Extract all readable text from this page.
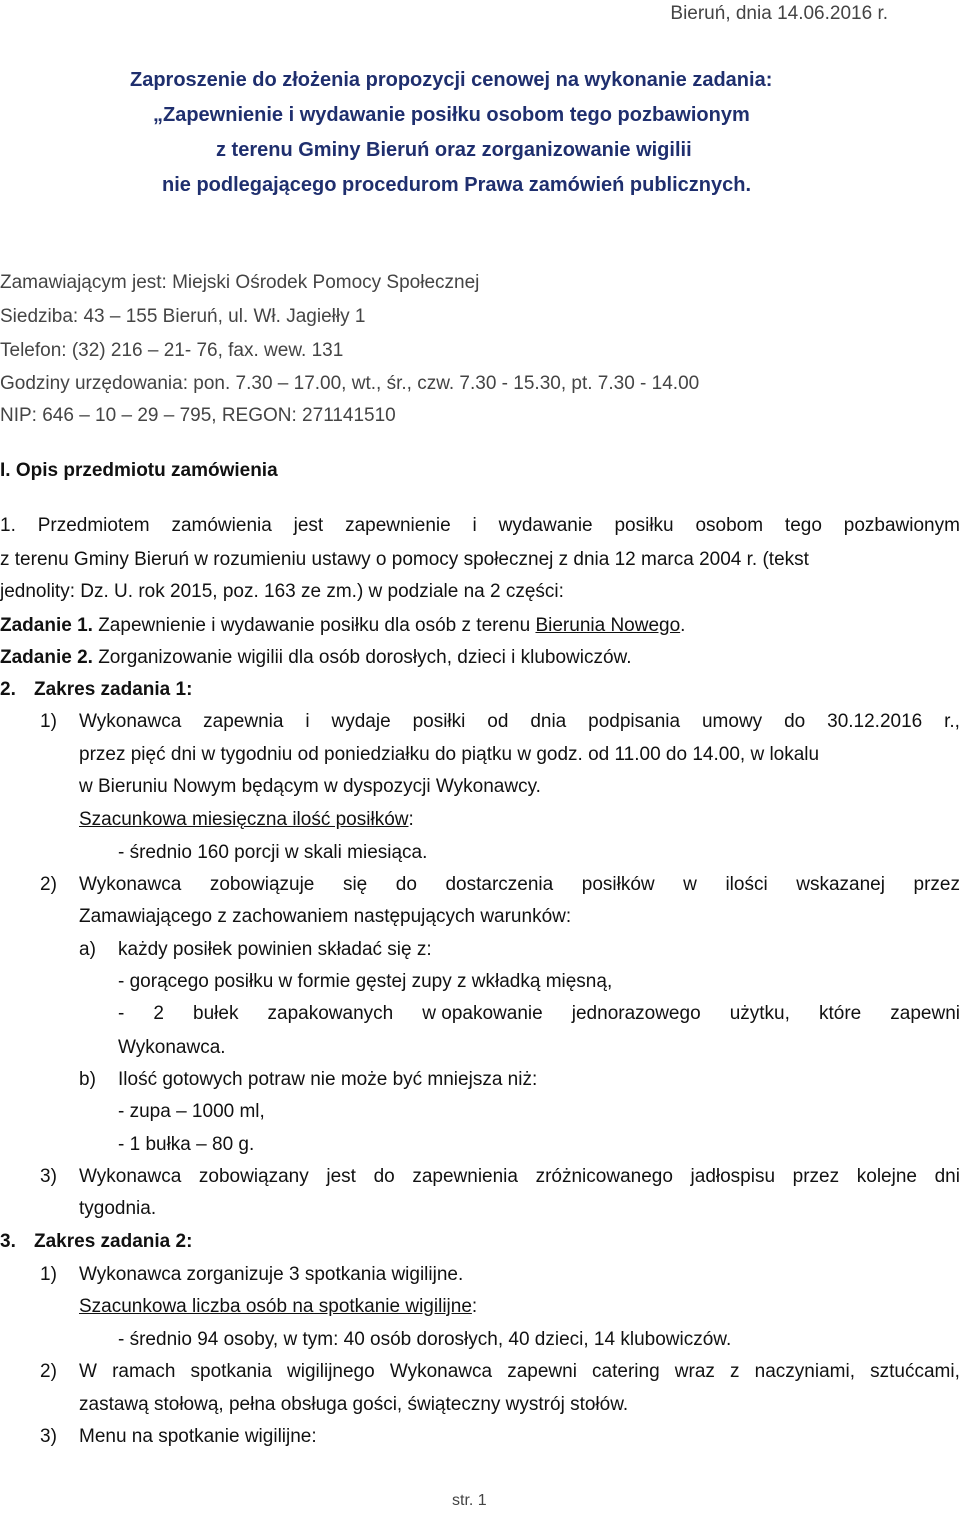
Bieruń, dnia 14.06.2016 r.
Zaproszenie do złożenia propozycji cenowej na wykonanie zadania:
„Zapewnienie i wydawanie posiłku osobom tego pozbawionym
z terenu Gminy Bieruń oraz zorganizowanie wigilii
nie podlegającego procedurom Prawa zamówień publicznych.
Zamawiającym jest: Miejski Ośrodek Pomocy Społecznej
Siedziba: 43 – 155 Bieruń, ul. Wł. Jagiełły 1
Telefon: (32) 216 – 21- 76, fax. wew. 131
Godziny urzędowania: pon. 7.30 – 17.00, wt., śr., czw. 7.30 - 15.30, pt. 7.30 - 14.00
NIP: 646 – 10 – 29 – 795, REGON: 271141510
I. Opis przedmiotu zamówienia
1. Przedmiotem zamówienia jest zapewnienie i wydawanie posiłku osobom tego pozbawionym
z terenu Gminy Bieruń w rozumieniu ustawy o pomocy społecznej z dnia 12 marca 2004 r. (tekst
jednolity: Dz. U. rok 2015, poz. 163 ze zm.) w podziale na 2 części:
Zadanie 1. Zapewnienie i wydawanie posiłku dla osób z terenu Bierunia Nowego.
Zadanie 2. Zorganizowanie wigilii dla osób dorosłych, dzieci i klubowiczów.
2. Zakres zadania 1:
1) Wykonawca zapewnia i wydaje posiłki od dnia podpisania umowy do 30.12.2016 r.,
przez pięć dni w tygodniu od poniedziałku do piątku w godz. od 11.00 do 14.00, w lokalu
w Bieruniu Nowym będącym w dyspozycji Wykonawcy.
Szacunkowa miesięczna ilość posiłków:
- średnio 160 porcji w skali miesiąca.
2) Wykonawca zobowiązuje się do dostarczenia posiłków w ilości wskazanej przez
Zamawiającego z zachowaniem następujących warunków:
a) każdy posiłek powinien składać się z:
- gorącego posiłku w formie gęstej zupy z wkładką mięsną,
- 2 bułek zapakowanych w opakowanie jednorazowego użytku, które zapewni
Wykonawca.
b) Ilość gotowych potraw nie może być mniejsza niż:
- zupa – 1000 ml,
- 1 bułka – 80 g.
3) Wykonawca zobowiązany jest do zapewnienia zróżnicowanego jadłospisu przez kolejne dni
tygodnia.
3. Zakres zadania 2:
1) Wykonawca zorganizuje 3 spotkania wigilijne.
Szacunkowa liczba osób na spotkanie wigilijne:
- średnio 94 osoby, w tym: 40 osób dorosłych, 40 dzieci, 14 klubowiczów.
2) W ramach spotkania wigilijnego Wykonawca zapewni catering wraz z naczyniami, sztućcami,
zastawą stołową, pełna obsługa gości, świąteczny wystrój stołów.
3) Menu na spotkanie wigilijne:
str. 1
